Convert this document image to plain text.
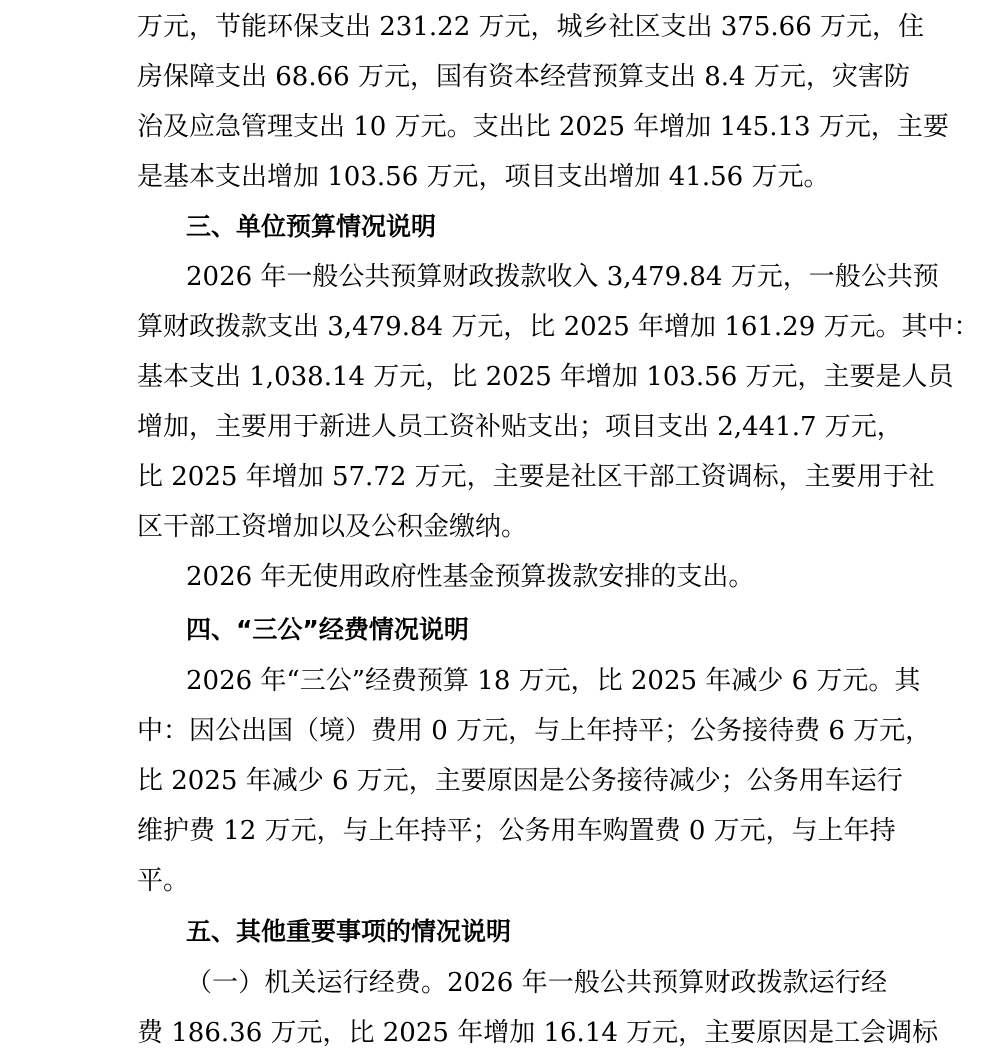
万元，节能环保支出 231.22 万元，城乡社区支出 375.66 万元，住
房保障支出 68.66 万元，国有资本经营预算支出 8.4 万元，灾害防
治及应急管理支出 10 万元。支出比 2025 年增加 145.13 万元，主要
是基本支出增加 103.56 万元，项目支出增加 41.56 万元。
三、单位预算情况说明
2026 年一般公共预算财政拨款收入 3,479.84 万元，一般公共预
算财政拨款支出 3,479.84 万元，比 2025 年增加 161.29 万元。其中：
基本支出 1,038.14 万元，比 2025 年增加 103.56 万元，主要是人员
增加，主要用于新进人员工资补贴支出；项目支出 2,441.7 万元，
比 2025 年增加 57.72 万元，主要是社区干部工资调标，主要用于社
区干部工资增加以及公积金缴纳。
2026 年无使用政府性基金预算拨款安排的支出。
四、“三公”经费情况说明
2026 年“三公”经费预算 18 万元，比 2025 年减少 6 万元。其
中：因公出国（境）费用 0 万元，与上年持平；公务接待费 6 万元，
比 2025 年减少 6 万元，主要原因是公务接待减少；公务用车运行
维护费 12 万元，与上年持平；公务用车购置费 0 万元，与上年持
平。
五、其他重要事项的情况说明
（一）机关运行经费。2026 年一般公共预算财政拨款运行经
费 186.36 万元，比 2025 年增加 16.14 万元，主要原因是工会调标
